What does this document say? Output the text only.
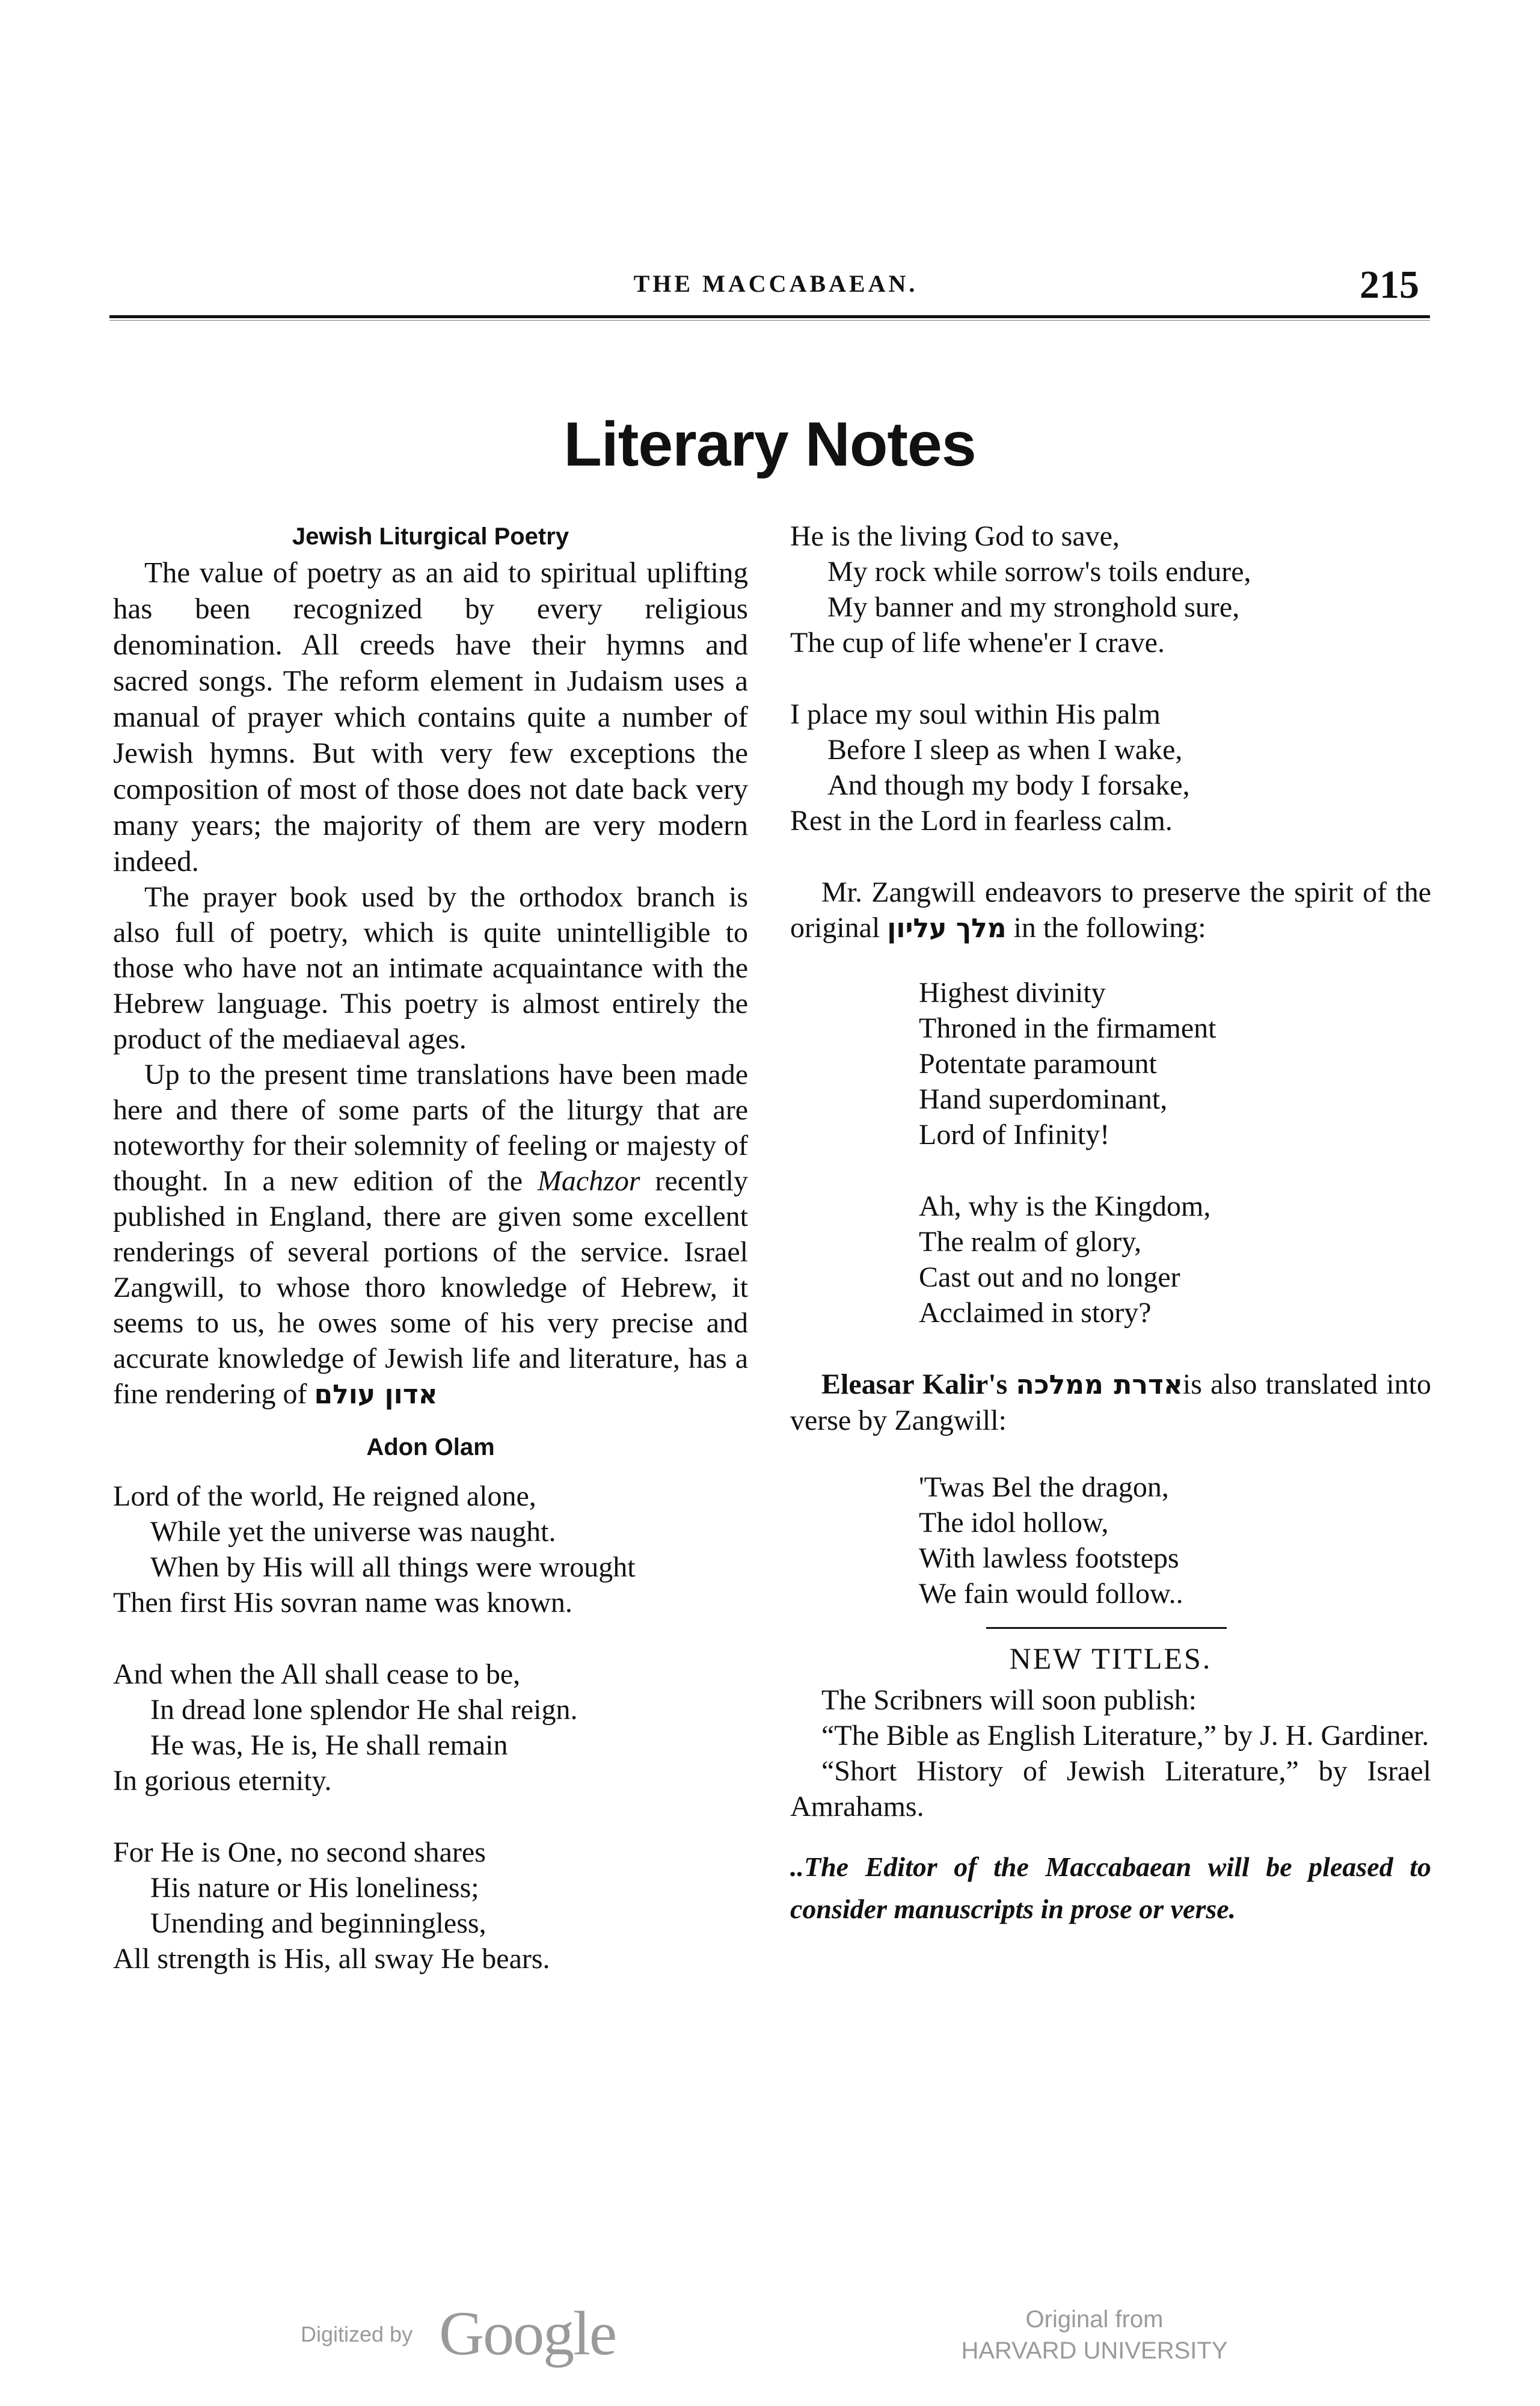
THE MACCABAEAN.	215
Literary Notes
Jewish Liturgical Poetry

The value of poetry as an aid to spiritual uplifting has been recognized by every religious denomination. All creeds have their hymns and sacred songs. The reform element in Judaism uses a manual of prayer which contains quite a number of Jewish hymns. But with very few exceptions the composition of most of those does not date back very many years; the majority of them are very modern indeed.

The prayer book used by the orthodox branch is also full of poetry, which is quite unintelligible to those who have not an intimate acquaintance with the Hebrew language. This poetry is almost entirely the product of the mediaeval ages.

Up to the present time translations have been made here and there of some parts of the liturgy that are noteworthy for their solemnity of feeling or majesty of thought. In a new edition of the Machzor recently published in England, there are given some excellent renderings of several portions of the service. Israel Zangwill, to whose thoro knowledge of Hebrew, it seems to us, he owes some of his very precise and accurate knowledge of Jewish life and literature, has a fine rendering of אדון עולם

Adon Olam
Lord of the world, He reigned alone,
While yet the universe was naught.
When by His will all things were wrought
Then first His sovran name was known.
And when the All shall cease to be,
In dread lone splendor He shal reign.
He was, He is, He shall remain
In gorious eternity.
For He is One, no second shares
His nature or His loneliness;
Unending and beginningless,
All strength is His, all sway He bears.
He is the living God to save,
My rock while sorrow's toils endure,
My banner and my stronghold sure,
The cup of life whene'er I crave.
I place my soul within His palm
Before I sleep as when I wake,
And though my body I forsake,
Rest in the Lord in fearless calm.

Mr. Zangwill endeavors to preserve the spirit of the original מלך עליון in the following:

Highest divinity
Throned in the firmament
Potentate paramount
Hand superdominant,
Lord of Infinity!
Ah, why is the Kingdom,
The realm of glory,
Cast out and no longer
Acclaimed in story?

Eleasar Kalir's אדרת ממלכהis also translated into verse by Zangwill:

'Twas Bel the dragon,
The idol hollow,
With lawless footsteps
We fain would follow..
NEW TITLES.

The Scribners will soon publish:

“The Bible as English Literature,” by J. H. Gardiner.

“Short History of Jewish Literature,” by Israel Amrahams.

..The Editor of the Maccabaean will be pleased to consider manuscripts in prose or verse.

Digitized by Google	Original from
HARVARD UNIVERSITY
